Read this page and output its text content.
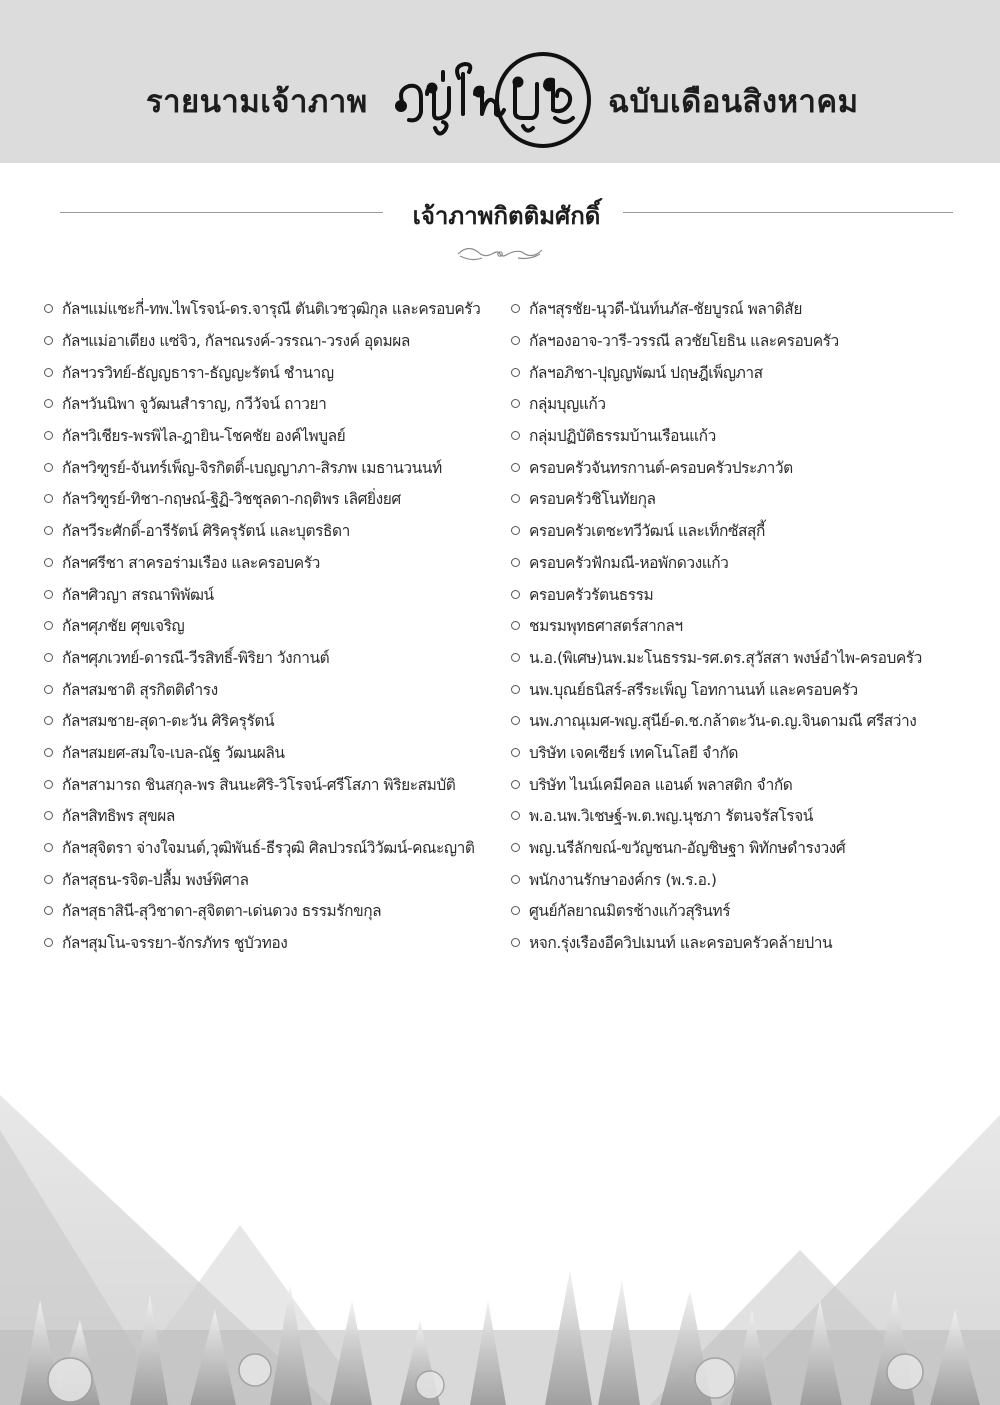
รายนามเจ้าภาพ	ฉบับเดือนสิงหาคม
เจ้าภาพกิตติมศักดิ์
กัลฯแม่แชะกี่-ทพ.ไพโรจน์-ดร.จารุณี ตันติเวชวุฒิกุล และครอบครัว
กัลฯแม่อาเตียง แซ่จิว, กัลฯณรงค์-วรรณา-วรงค์ อุดมผล
กัลฯวรวิทย์-ธัญญธารา-ธัญญะรัตน์ ชำนาญ
กัลฯวันนิพา จูวัฒนสำราญ, กวีวัจน์ ถาวยา
กัลฯวิเชียร-พรพิไล-ฎายิน-โชคชัย องค์ไพบูลย์
กัลฯวิฑูรย์-จันทร์เพ็ญ-จิรกิตติ์-เบญญาภา-สิรภพ เมธานวนนท์
กัลฯวิฑูรย์-ทิชา-กฤษณ์-ฐิฏิ-วิชชุลดา-กฤติพร เลิศยิ่งยศ
กัลฯวีระศักดิ์-อารีรัตน์ ศิริครุรัตน์ และบุตรธิดา
กัลฯศรีชา สาครอร่ามเรือง และครอบครัว
กัลฯศิวญา สรณาพิพัฒน์
กัลฯศุภชัย ศุขเจริญ
กัลฯศุภเวทย์-ดารณี-วีรสิทธิ์-พิริยา วังกานต์
กัลฯสมชาติ สุรกิตติดำรง
กัลฯสมชาย-สุดา-ตะวัน ศิริครุรัตน์
กัลฯสมยศ-สมใจ-เบล-ณัฐ วัฒนผลิน
กัลฯสามารถ ชินสกุล-พร สินนะศิริ-วิโรจน์-ศรีโสภา พิริยะสมบัติ
กัลฯสิทธิพร สุขผล
กัลฯสุจิตรา จ่างใจมนต์,วุฒิพันธ์-ธีรวุฒิ ศิลปวรณ์วิวัฒน์-คณะญาติ
กัลฯสุธน-รจิต-ปลื้ม พงษ์พิศาล
กัลฯสุธาสินี-สุวิชาดา-สุจิตตา-เด่นดวง ธรรมรักขกุล
กัลฯสุมโน-จรรยา-จักรภัทร ชูบัวทอง
กัลฯสุรชัย-นุวดี-นันท์นภัส-ชัยบูรณ์ พลาดิสัย
กัลฯองอาจ-วารี-วรรณี ลวชัยโยธิน และครอบครัว
กัลฯอภิชา-ปุญญพัฒน์ ปฤษฎีเพ็ญภาส
กลุ่มบุญแก้ว
กลุ่มปฏิบัติธรรมบ้านเรือนแก้ว
ครอบครัวจันทรกานต์-ครอบครัวประภาวัต
ครอบครัวชิโนทัยกุล
ครอบครัวเตชะทวีวัฒน์ และเท็กซัสสุกี้
ครอบครัวฟักมณี-หอพักดวงแก้ว
ครอบครัวรัตนธรรม
ชมรมพุทธศาสตร์สากลฯ
น.อ.(พิเศษ)นพ.มะโนธรรม-รศ.ดร.สุวัสสา พงษ์อำไพ-ครอบครัว
นพ.บุณย์ธนิสร์-สรีระเพ็ญ โอทกานนท์ และครอบครัว
นพ.ภาณุเมศ-พญ.สุนีย์-ด.ช.กล้าตะวัน-ด.ญ.จินดามณี ศรีสว่าง
บริษัท เจคเซียร์ เทคโนโลยี จำกัด
บริษัท ไนน์เคมีคอล แอนด์ พลาสติก จำกัด
พ.อ.นพ.วิเชษฐ์-พ.ต.พญ.นุชภา รัตนจรัสโรจน์
พญ.นรีลักขณ์-ขวัญชนก-อัญชิษฐา พิทักษดำรงวงศ์
พนักงานรักษาองค์กร (พ.ร.อ.)
ศูนย์กัลยาณมิตรช้างแก้วสุรินทร์
หจก.รุ่งเรืองอีควิปเมนท์ และครอบครัวคล้ายปาน
